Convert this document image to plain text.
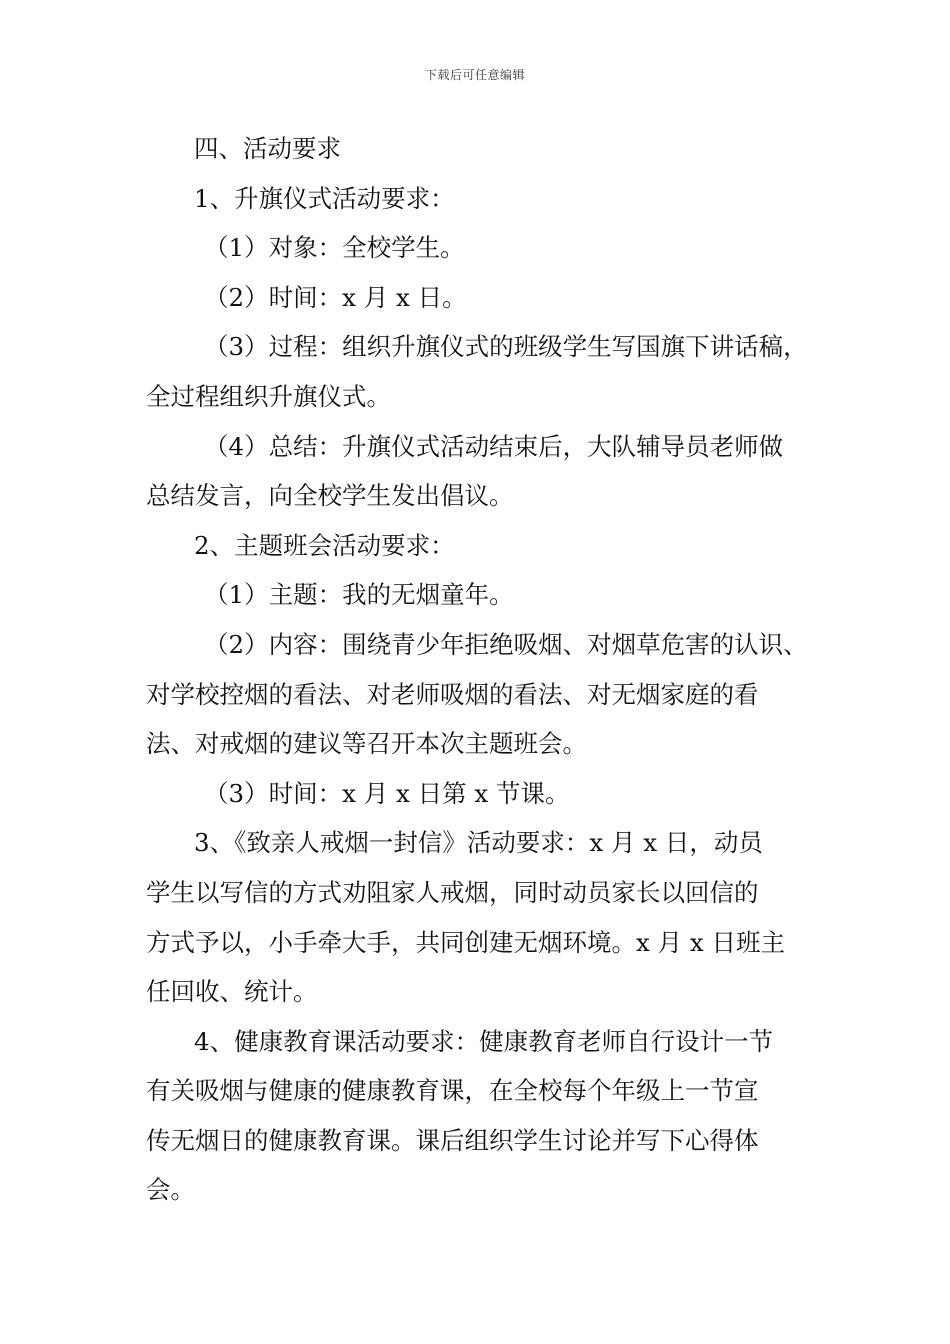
下载后可任意编辑
四、活动要求
1、升旗仪式活动要求：
（1）对象：全校学生。
（2）时间：x 月 x 日。
（3）过程：组织升旗仪式的班级学生写国旗下讲话稿，
全过程组织升旗仪式。
（4）总结：升旗仪式活动结束后，大队辅导员老师做
总结发言，向全校学生发出倡议。
2、主题班会活动要求：
（1）主题：我的无烟童年。
（2）内容：围绕青少年拒绝吸烟、对烟草危害的认识、
对学校控烟的看法、对老师吸烟的看法、对无烟家庭的看
法、对戒烟的建议等召开本次主题班会。
（3）时间：x 月 x 日第 x 节课。
3、《致亲人戒烟一封信》活动要求：x 月 x 日，动员
学生以写信的方式劝阻家人戒烟，同时动员家长以回信的
方式予以，小手牵大手，共同创建无烟环境。x 月 x 日班主
任回收、统计。
4、健康教育课活动要求：健康教育老师自行设计一节
有关吸烟与健康的健康教育课，在全校每个年级上一节宣
传无烟日的健康教育课。课后组织学生讨论并写下心得体
会。
